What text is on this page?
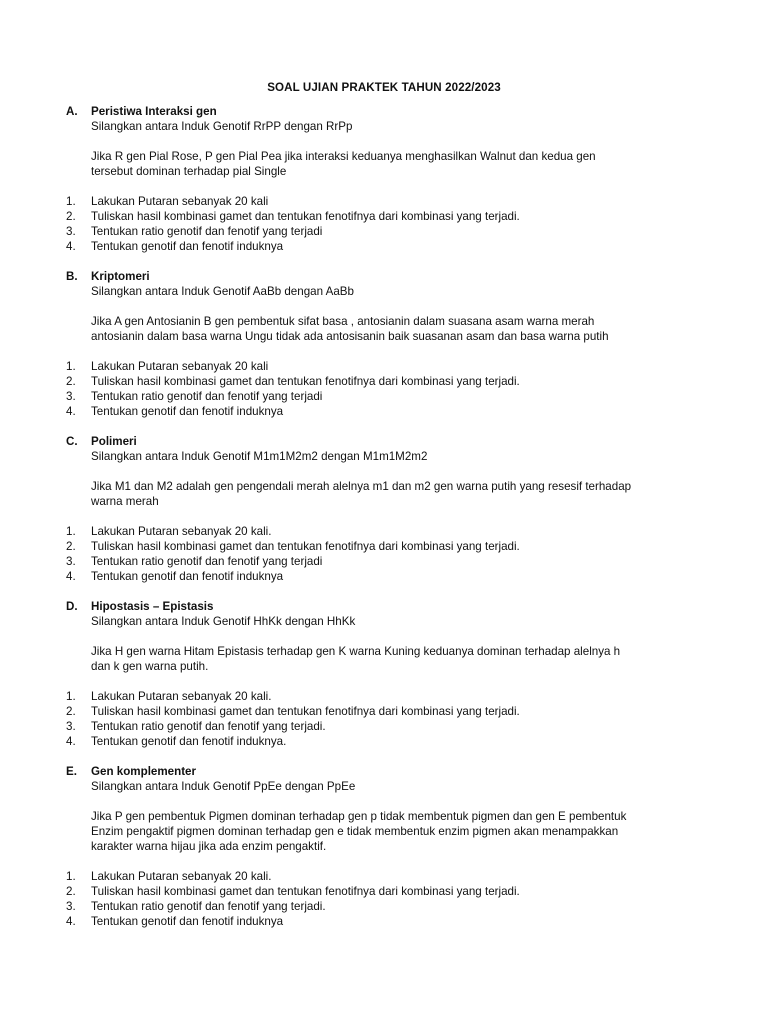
SOAL UJIAN PRAKTEK TAHUN 2022/2023
A.	Peristiwa Interaksi gen
Silangkan antara Induk Genotif RrPP dengan RrPp
Jika R gen Pial Rose, P gen Pial Pea jika interaksi keduanya menghasilkan Walnut dan kedua gen
tersebut dominan terhadap pial Single
1.	Lakukan Putaran sebanyak 20 kali
2.	Tuliskan hasil kombinasi gamet dan tentukan fenotifnya dari kombinasi yang terjadi.
3.	Tentukan ratio genotif dan fenotif yang terjadi
4.	Tentukan genotif dan fenotif induknya
B.	Kriptomeri
Silangkan antara Induk Genotif AaBb dengan AaBb
Jika A gen Antosianin B gen pembentuk sifat basa , antosianin dalam suasana asam warna merah
antosianin dalam basa warna Ungu tidak ada antosisanin baik suasanan asam dan basa warna putih
1.	Lakukan Putaran sebanyak 20 kali
2.	Tuliskan hasil kombinasi gamet dan tentukan fenotifnya dari kombinasi yang terjadi.
3.	Tentukan ratio genotif dan fenotif yang terjadi
4.	Tentukan genotif dan fenotif induknya
C.	Polimeri
Silangkan antara Induk Genotif M1m1M2m2 dengan M1m1M2m2
Jika M1 dan M2 adalah gen pengendali merah alelnya m1 dan m2 gen warna putih yang resesif terhadap
warna merah
1.	Lakukan Putaran sebanyak 20 kali.
2.	Tuliskan hasil kombinasi gamet dan tentukan fenotifnya dari kombinasi yang terjadi.
3.	Tentukan ratio genotif dan fenotif yang terjadi
4.	Tentukan genotif dan fenotif induknya
D.	Hipostasis – Epistasis
Silangkan antara Induk Genotif HhKk dengan HhKk
Jika H gen warna Hitam Epistasis terhadap gen K warna Kuning keduanya dominan terhadap alelnya h
dan k gen warna putih.
1.	Lakukan Putaran sebanyak 20 kali.
2.	Tuliskan hasil kombinasi gamet dan tentukan fenotifnya dari kombinasi yang terjadi.
3.	Tentukan ratio genotif dan fenotif yang terjadi.
4.	Tentukan genotif dan fenotif induknya.
E.	Gen komplementer
Silangkan antara Induk Genotif PpEe dengan PpEe
Jika P gen pembentuk Pigmen dominan terhadap gen p tidak membentuk pigmen dan gen E pembentuk
Enzim pengaktif pigmen dominan terhadap gen e tidak membentuk enzim pigmen akan menampakkan
karakter warna hijau jika ada enzim pengaktif.
1.	Lakukan Putaran sebanyak 20 kali.
2.	Tuliskan hasil kombinasi gamet dan tentukan fenotifnya dari kombinasi yang terjadi.
3.	Tentukan ratio genotif dan fenotif yang terjadi.
4.	Tentukan genotif dan fenotif induknya
